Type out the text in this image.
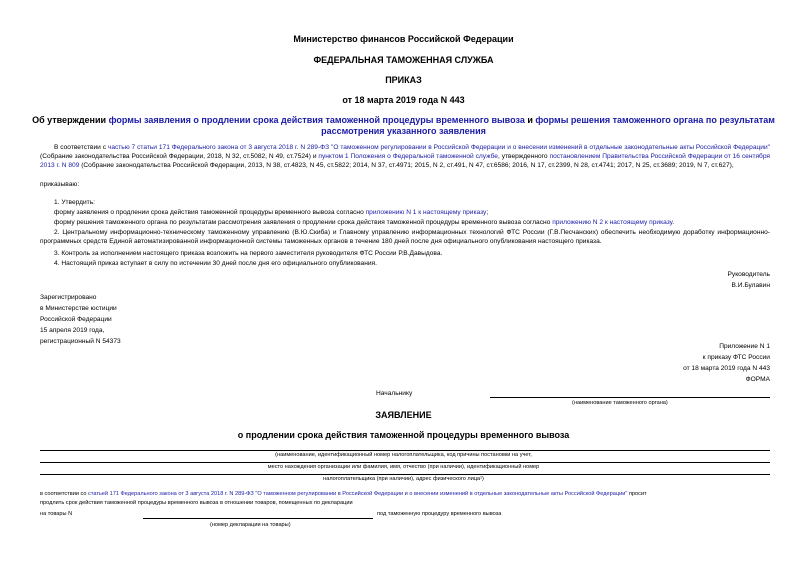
Министерство финансов Российской Федерации

ФЕДЕРАЛЬНАЯ ТАМОЖЕННАЯ СЛУЖБА

ПРИКАЗ

от 18 марта 2019 года N 443

Об утверждении формы заявления о продлении срока действия таможенной процедуры временного вывоза и формы решения таможенного органа по результатам

рассмотрения указанного заявления

В соответствии с частью 7 статьи 171 Федерального закона от 3 августа 2018 г. N 289-ФЗ "О таможенном регулировании в Российской Федерации и о внесении изменений в отдельные законодательные акты Российской Федерации" (Собрание законодательства Российской Федерации, 2018, N 32, ст.5082, N 49, ст.7524) и пунктом 1 Положения о Федеральной таможенной службе, утвержденного постановлением Правительства Российской Федерации от 16 сентября 2013 г. N 809 (Собрание законодательства Российской Федерации, 2013, N 38, ст.4823, N 45, ст.5822; 2014, N 37, ст.4971; 2015, N 2, ст.491, N 47, ст.6586; 2016, N 17, ст.2399, N 28, ст.4741; 2017, N 25, ст.3689; 2019, N 7, ст.627),

приказываю:

1. Утвердить:

форму заявления о продлении срока действия таможенной процедуры временного вывоза согласно приложению N 1 к настоящему приказу;

форму решения таможенного органа по результатам рассмотрения заявления о продлении срока действия таможенной процедуры временного вывоза согласно приложению N 2 к настоящему приказу.

2. Центральному информационно-техническому таможенному управлению (В.Ю.Скиба) и Главному управлению информационных технологий ФТС России (Г.В.Песчанских) обеспечить необходимую доработку информационно-программных средств Единой автоматизированной информационной системы таможенных органов в течение 180 дней после дня официального опубликования настоящего приказа.

3. Контроль за исполнением настоящего приказа возложить на первого заместителя руководителя ФТС России Р.В.Давыдова.

4. Настоящий приказ вступает в силу по истечении 30 дней после дня его официального опубликования.

Руководитель

В.И.Булавин

Зарегистрировано

в Министерстве юстиции

Российской Федерации

15 апреля 2019 года,

регистрационный N 54373

Приложение N 1

к приказу ФТС России

от 18 марта 2019 года N 443

ФОРМА

Начальнику

(наименование таможенного органа)

ЗАЯВЛЕНИЕ

о продлении срока действия таможенной процедуры временного вывоза

(наименование, идентификационный номер налогоплательщика, код причины постановки на учет,

место нахождения организации или фамилия, имя, отчество (при наличии), идентификационный номер

налогоплательщика (при наличии), адрес физического лица¹)

в соответствии со статьей 171 Федерального закона от 3 августа 2018 г. N 289-ФЗ "О таможенном регулировании в Российской Федерации и о внесении изменений в отдельные законодательные акты Российской Федерации" просит

продлить срок действия таможенной процедуры временного вывоза в отношении товаров, помещенных по декларации

на товары N	под таможенную процедуру временного вывоза

(номер декларации на товары)
